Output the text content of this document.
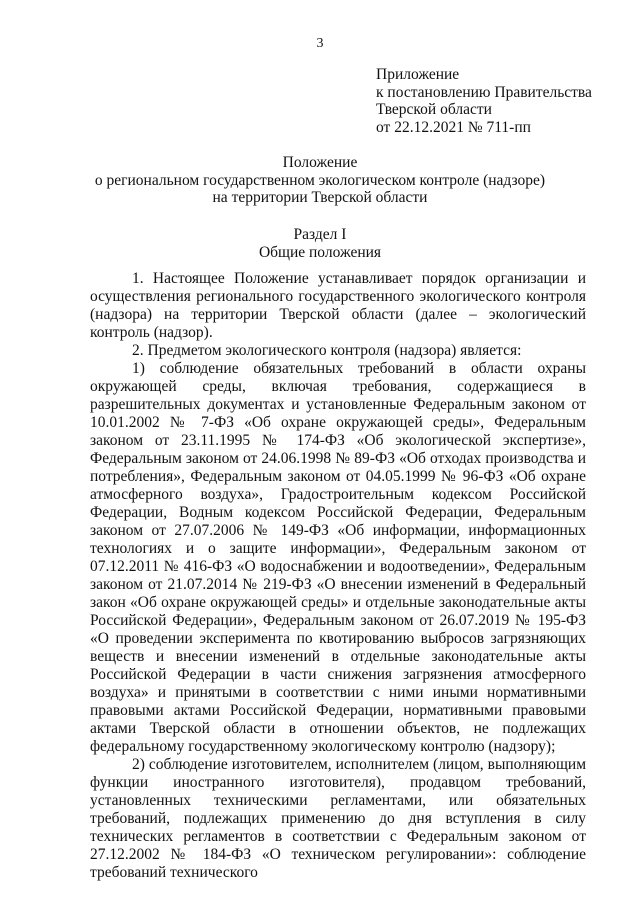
3
Приложение
к постановлению Правительства
Тверской области
от 22.12.2021 № 711-пп
Положение
о региональном государственном экологическом контроле (надзоре)
на территории Тверской области
Раздел I
Общие положения

1. Настоящее Положение устанавливает порядок организации и осуществления регионального государственного экологического контроля (надзора) на территории Тверской области (далее – экологический контроль (надзор).

2. Предметом экологического контроля (надзора) является:

1) соблюдение обязательных требований в области охраны окружающей среды, включая требования, содержащиеся в разрешительных документах и установленные Федеральным законом от 10.01.2002 № 7-ФЗ «Об охране окружающей среды», Федеральным законом от 23.11.1995 № 174-ФЗ «Об экологической экспертизе», Федеральным законом от 24.06.1998 № 89-ФЗ «Об отходах производства и потребления», Федеральным законом от 04.05.1999 № 96-ФЗ «Об охране атмосферного воздуха», Градостроительным кодексом Российской Федерации, Водным кодексом Российской Федерации, Федеральным законом от 27.07.2006 № 149-ФЗ «Об информации, информационных технологиях и о защите информации», Федеральным законом от 07.12.2011 № 416-ФЗ «О водоснабжении и водоотведении», Федеральным законом от 21.07.2014 № 219-ФЗ «О внесении изменений в Федеральный закон «Об охране окружающей среды» и отдельные законодательные акты Российской Федерации», Федеральным законом от 26.07.2019 № 195-ФЗ «О проведении эксперимента по квотированию выбросов загрязняющих веществ и внесении изменений в отдельные законодательные акты Российской Федерации в части снижения загрязнения атмосферного воздуха» и принятыми в соответствии с ними иными нормативными правовыми актами Российской Федерации, нормативными правовыми актами Тверской области в отношении объектов, не подлежащих федеральному государственному экологическому контролю (надзору);

2) соблюдение изготовителем, исполнителем (лицом, выполняющим функции иностранного изготовителя), продавцом требований, установленных техническими регламентами, или обязательных требований, подлежащих применению до дня вступления в силу технических регламентов в соответствии с Федеральным законом от 27.12.2002 № 184-ФЗ «О техническом регулировании»: соблюдение требований технического
